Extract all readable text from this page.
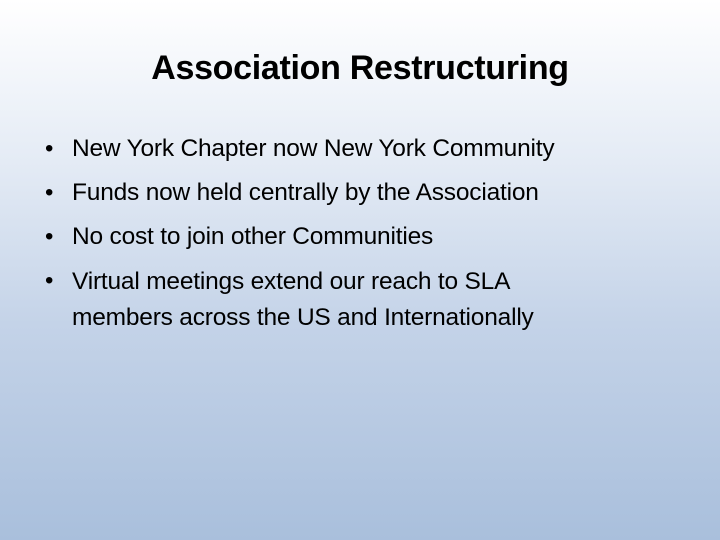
Association Restructuring
• New York Chapter now New York Community
• Funds now held centrally by the Association
• No cost to join other Communities
• Virtual meetings extend our reach to SLA
members across the US and Internationally
